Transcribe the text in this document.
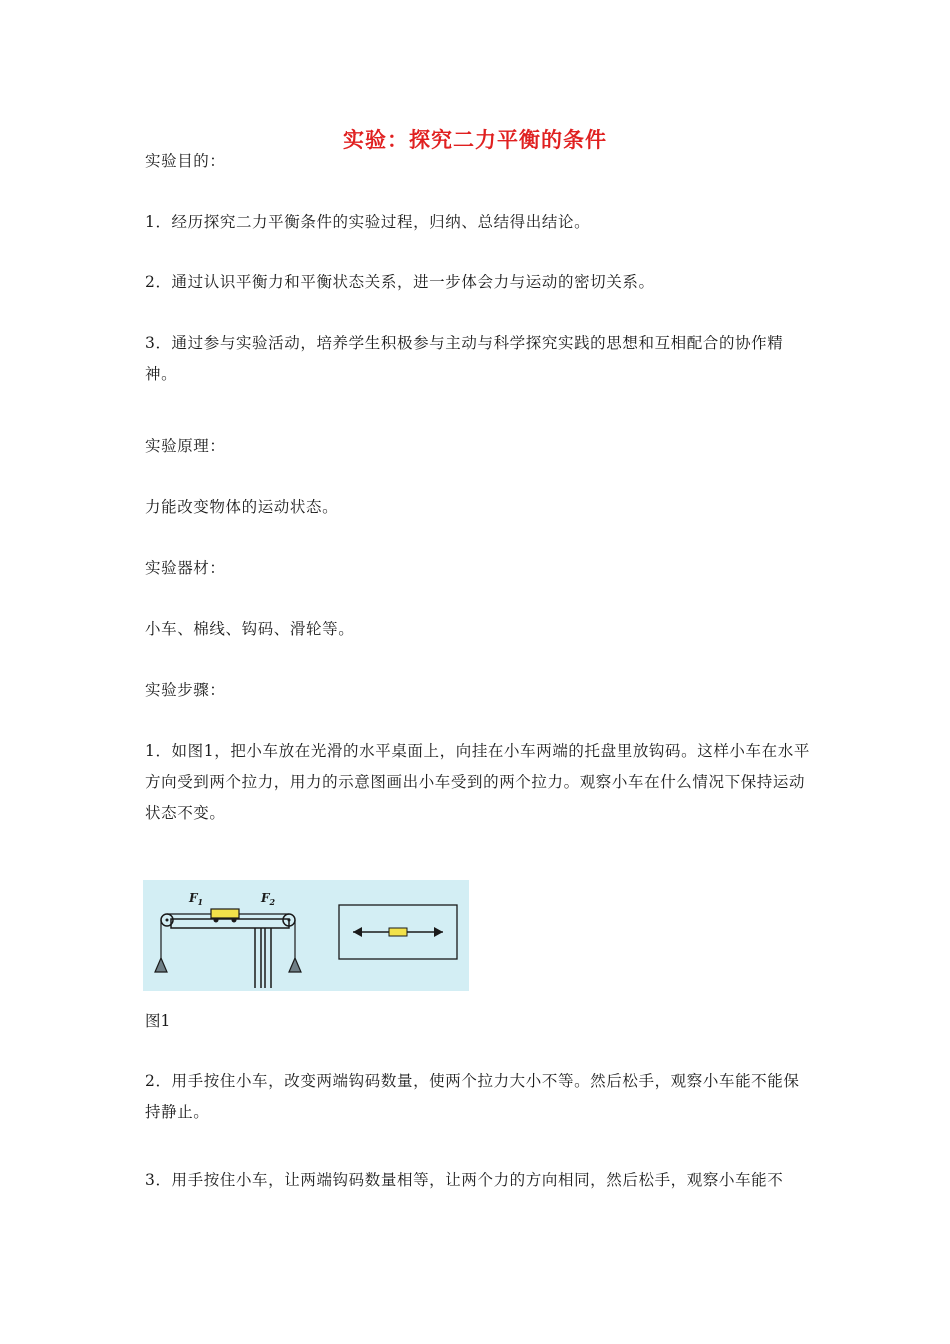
实验：探究二力平衡的条件

实验目的：

1．经历探究二力平衡条件的实验过程，归纳、总结得出结论。

2．通过认识平衡力和平衡状态关系，进一步体会力与运动的密切关系。

3．通过参与实验活动，培养学生积极参与主动与科学探究实践的思想和互相配合的协作精神。

实验原理：

力能改变物体的运动状态。

实验器材：

小车、棉线、钩码、滑轮等。

实验步骤：

1．如图1，把小车放在光滑的水平桌面上，向挂在小车两端的托盘里放钩码。这样小车在水平方向受到两个拉力，用力的示意图画出小车受到的两个拉力。观察小车在什么情况下保持运动状态不变。

$F_1$	$F_2$
图1

2．用手按住小车，改变两端钩码数量，使两个拉力大小不等。然后松手，观察小车能不能保持静止。

3．用手按住小车，让两端钩码数量相等，让两个力的方向相同，然后松手，观察小车能不
